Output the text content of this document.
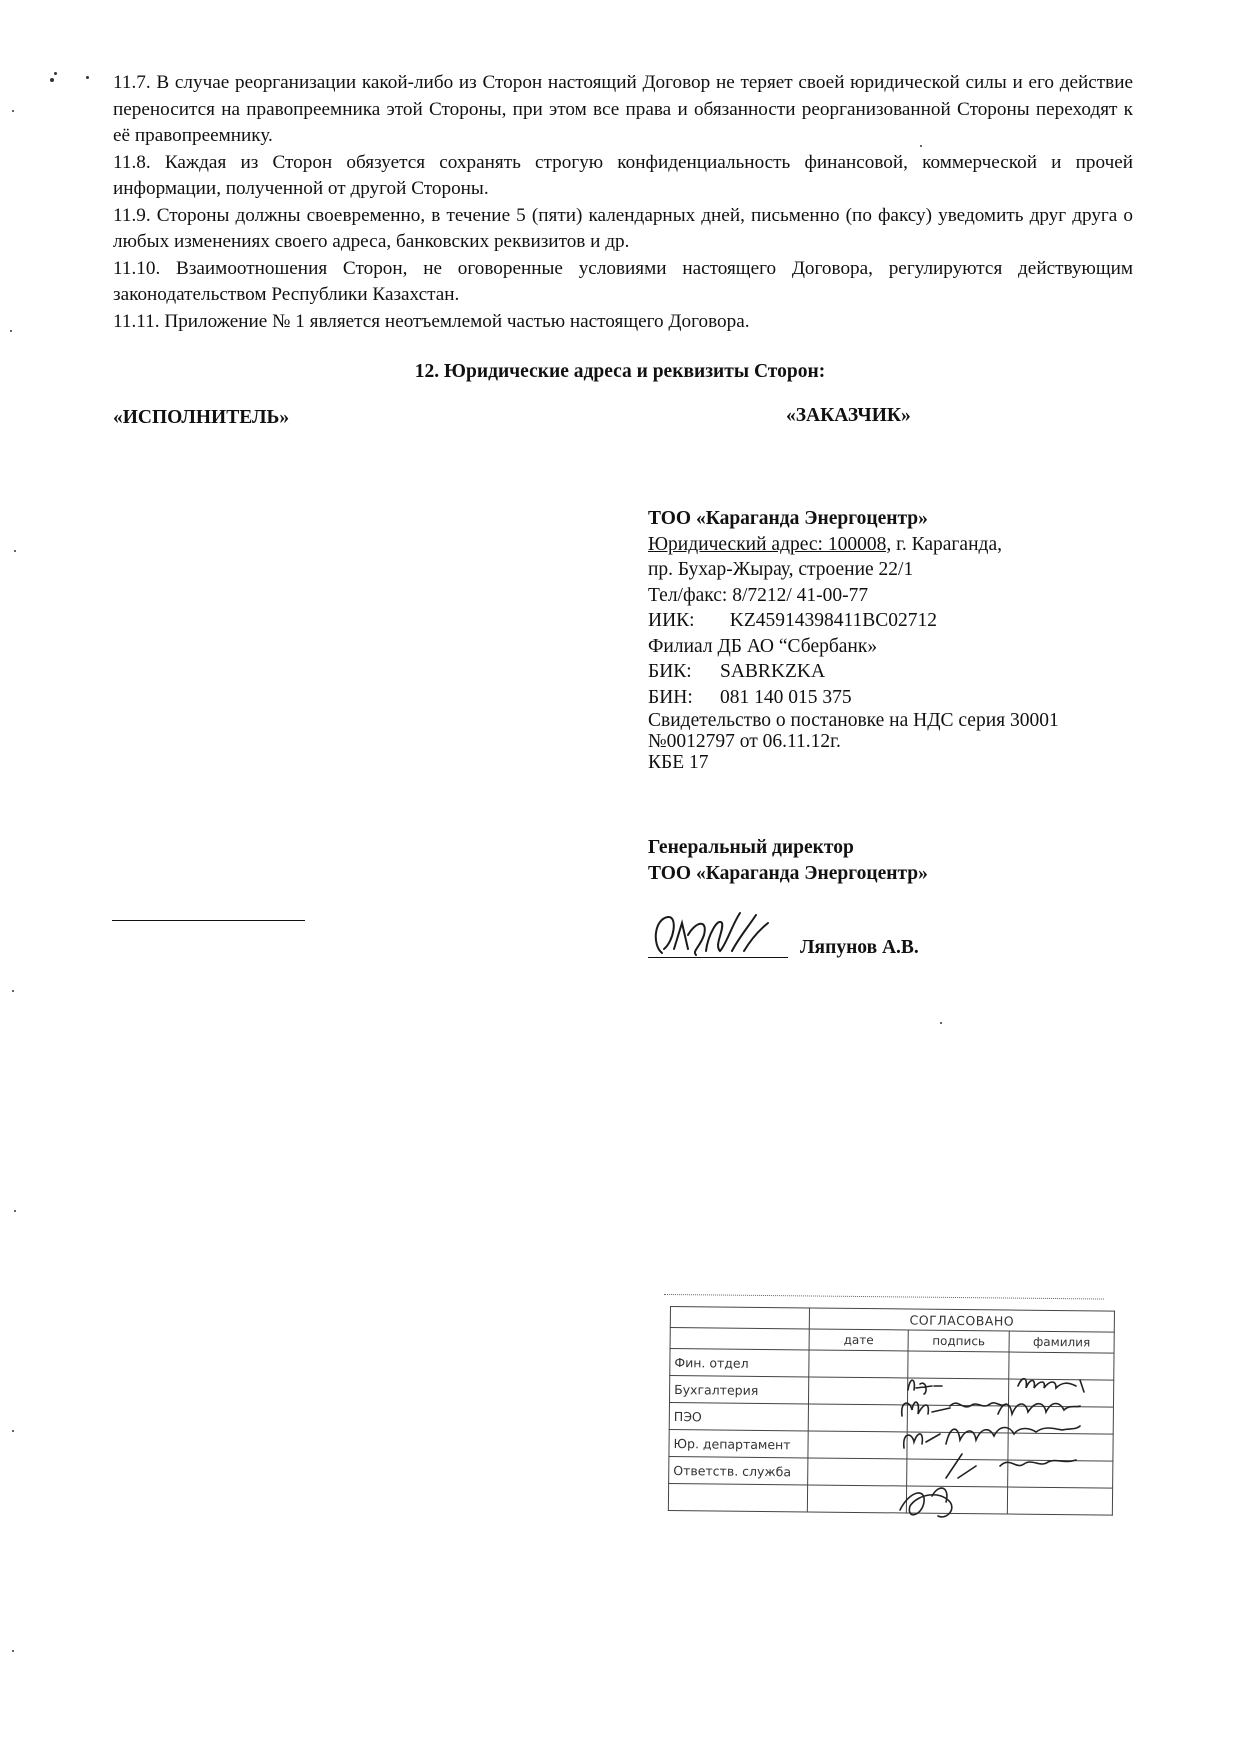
11.7. В случае реорганизации какой-либо из Сторон настоящий Договор не теряет своей юридической силы и его действие переносится на правопреемника этой Стороны, при этом все права и обязанности реорганизованной Стороны переходят к её правопреемнику.

11.8. Каждая из Сторон обязуется сохранять строгую конфиденциальность финансовой, коммерческой и прочей информации, полученной от другой Стороны.

11.9. Стороны должны своевременно, в течение 5 (пяти) календарных дней, письменно (по факсу) уведомить друг друга о любых изменениях своего адреса, банковских реквизитов и др.

11.10. Взаимоотношения Сторон, не оговоренные условиями настоящего Договора, регулируются действующим законодательством Республики Казахстан.

11.11. Приложение № 1 является неотъемлемой частью настоящего Договора.

12. Юридические адреса и реквизиты Сторон:
«ИСПОЛНИТЕЛЬ»	«ЗАКАЗЧИК»
ТОО «Караганда Энергоцентр»
Юридический адрес: 100008, г. Караганда,
пр. Бухар-Жырау, строение 22/1
Тел/факс: 8/7212/ 41-00-77
ИИК: KZ45914398411BC02712
Филиал ДБ АО “Сбербанк»
БИК: SABRKZKA
БИН: 081 140 015 375
Свидетельство о постановке на НДС серия 30001
№0012797 от 06.11.12г.
КБЕ 17
Генеральный директор
ТОО «Караганда Энергоцентр»
Ляпунов А.В.
	СОГЛАСОВАНО		
	дате	подпись	фамилия
Фин. отдел			
Бухгалтерия			
ПЭО			
Юр. департамент			
Ответств. служба			
